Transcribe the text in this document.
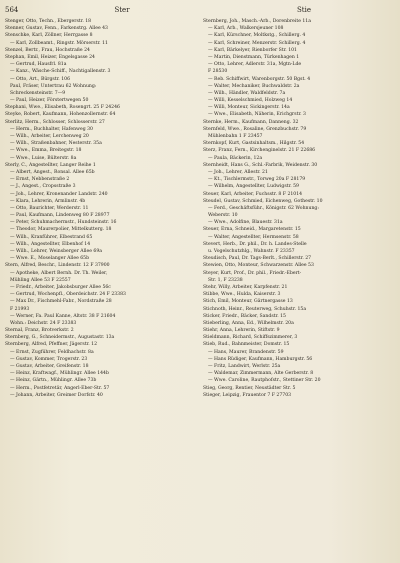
564	Ster	Stie
Stenger, Otto, Techn., Ebergerstr. 18
Stenner, Gustav, Fenn., Farkenstrg. Allee 43
Stenschke, Karl, Zöllner, Herrgasse 8
— Karl, Zollbeamt., Ringstr. Mörserstr. 11
Stenzel, Bertr., Frau, Hochstraße 24
Stephan, Emil, Heizer, Engelsgasse 24
— Gertrud, Hausfrl. 81a
— Kanz., Wäsche-Schiff., Nachtigallenstr. 3
— Otto, Art., Bürgstr. 106
Paul, Fräser, Untertrau 62 Wohnung:
Schreckensteinstr. 7—9
— Paul, Heizer, Förstertwegen 50
Stephani, Wwe., Elisabeth, Rosengrt. 25 F 24246
Steyke, Robert, Kaufmann, Hohenzollernstr. 64
Sterlitz, Herm., Schlosser, Schlosserstr. 27
— Herm., Buchhalter, Hafenweg 30
— Wilh., Arbeiter, Lerchenweg 20
— Wilh., Straßenbahner, Nesterstr. 35a
— Wwe., Emma, Breitegstr. 18
— Wwe., Luise, Bülterstr. 8a
Sterly, C., Angestellter, Langer Reihe 1
— Albert, Angest., Ronsal. Allee 65b
— Ernst, Nebbenstraße 2
— J., Angest., Cropsstraße 3
— Joh., Lehrer, Kronenander Landstr. 240
— Klara, Lehrerin, Armlinstr. 4b
— Otto, Baurichter, Werderstr. 11
— Paul, Kaufmann, Lindenweg 80 F 28977
— Peter, Schuhmachermstr., Hundsteinstr. 16
— Theodor, Maurerpolier, Mittelkutterg. 18
— Wilh., Kranführer, Elbestrand 65
— Wilh., Angestellter, Elbenhof 14
— Wilh., Lehrer, Weinsberger Allee 69a
— Wwe. E., Moselanger Allee 65b
Stern, Alfred, Beschr., Lindenstr. 12 F 37900
— Apotheke, Albert Bernh. Dr. Th. Weiler,
Mühling Allee 53 F 22557
— Friedr., Arbeiter, Jakobsburger Allee 56c
— Gertrud, Wochenpfl., Oberdeichstr. 24 F 23383
— Max Dr., Fischmehl-Fabr., Nordstraße 28
F 21993
— Werner, Fa. Paul Kanne, Altstr. 38 F 21604
Wohn.: Deichstr. 24 F 23383
Sternal, Franz, Brotverkstr. 2
Sternberg, G., Schneidermstr., Augustastr. 13a
Sternberg, Alfred, Pfeffner, Jägerstr. 12
— Ernst, Zugführer, Feldhachstr. 8a
— Gustav, Kommer, Trogerstr. 23
— Gustav, Arbeiter, Greifenstr. 18
— Heinz, Kraftwagf., Mühlingr. Allee 144b
— Heinz, Gärtn., Mühlingr. Allee 73b
— Herm., Postfetretär, Angerl-Eber-Str. 57
— Johann, Arbeiter, Greimer Dorfstr. 40
Sternberg, Joh., Masch.-Arb., Dorenbreite 11a
— Karl, Arb., Walkersjeuner 108
— Karl, Kürschner, Moltkstg., Schillerg. 4
— Karl, Schreiner, Menzerstr. Schillerg. 4
— Karl, Bärkelyer, Rienborfer Str. 101
— Martin, Dienstmann, Türkenhagen 1
— Otto, Lehrer, Adlerstr. 31a, Mgtn-Lde
F 28530
— Reb. Schiffwirt, Warenborgstr. 50 Bgst. 4
— Walter, Mechaniker, Buchwaldstr. 2a
— Wilh., Händler, Waldfeldstr. 7a
— Willi, Kesselschmied, Holzweg 14
— Willi, Monteur, Sickingerstr. 14a
— Wwe., Elisabeth, Näherin, Erichgrstr. 3
Sternke, Herm., Kaufmann, Danneng. 32
Sternfeld, Wwe., Rosaline, Grenzbuchstr. 79
Mühlenbahn 1 F 23457
Sternkopf, Kurt, Gastsinhaltsm., Hilgstr. 54
Sterz, Franz, Fern., Kirchenginelstr. 21 F 22686
— Paula, Bäckerin, 12a
Sternheidt, Hans G., Schl.-Farbrik, Weidenstr. 30
— Joh., Lehrer, Allestr. 21
— Kt., Tischlermstr., Torweg 20a F 28179
— Wilhelm, Angestellter, Ludwigstr. 59
Steuer, Karl, Arbeiter, Fuchsstr. 8 F 21014
Steudel, Gustav, Schmied, Eichenweg, Gothestr. 10
— Ferd., Geschäftsführ., Königstr. 62 Wohnung:
Weberstr. 10
— Wwe., Adolfine, Blauestr. 31a
Steuer, Erna, Schneid., Margaretenstr. 15
— Walter, Angestellter, Hermsenstr. 58
Stevert, Herb., Dr. phil., Dr. h. Landes-Stelle
u. Vogelschutzhlg., Wahnstr. F 23357
Steudisch, Paul, Dr. Tags-Berlt., Schillerstr. 27
Stewien, Otto, Monteur, Schwarzenstr. Allee 53
Steyer, Kurt, Prof., Dr. phil., Friedr.-Ebert-
Str. 1, F 23238
Stehr, Willy, Arbeiter, Karpfenstr. 21
Stibbe, Wwe., Hulda, Kaiserstr. 3
Stich, Emil, Monteur, Gärtnergasse 13
Stichnoth, Heinr., Reuterweg, Schuhstr. 15a
Sticker, Friedr., Bäcker, Sandstr. 15
Stieberling, Anna, Ed., Wilhelmstr. 20a
Stiehr, Anna, Lehrerin, Stiftstr. 9
Stieldmann, Richard, Schiffszimmerer, 3
Stieb, Rud., Bahnmeister, Domstr. 15
— Hans, Maurer, Brandenstr. 59
— Hans Rüdiger, Kaufmann, Hamburgstr. 56
— Fritz, Landwirt, Werlstr. 25a
— Waldemar, Zimmermann, Alte Gerberstr. 8
— Wwe. Caroline, Rautphofstr., Stettiner Str. 20
Stieg, Georg, Rentier, Neustädter Str. 5
Stieger, Leipzig, Frauentor 7 F 27703
